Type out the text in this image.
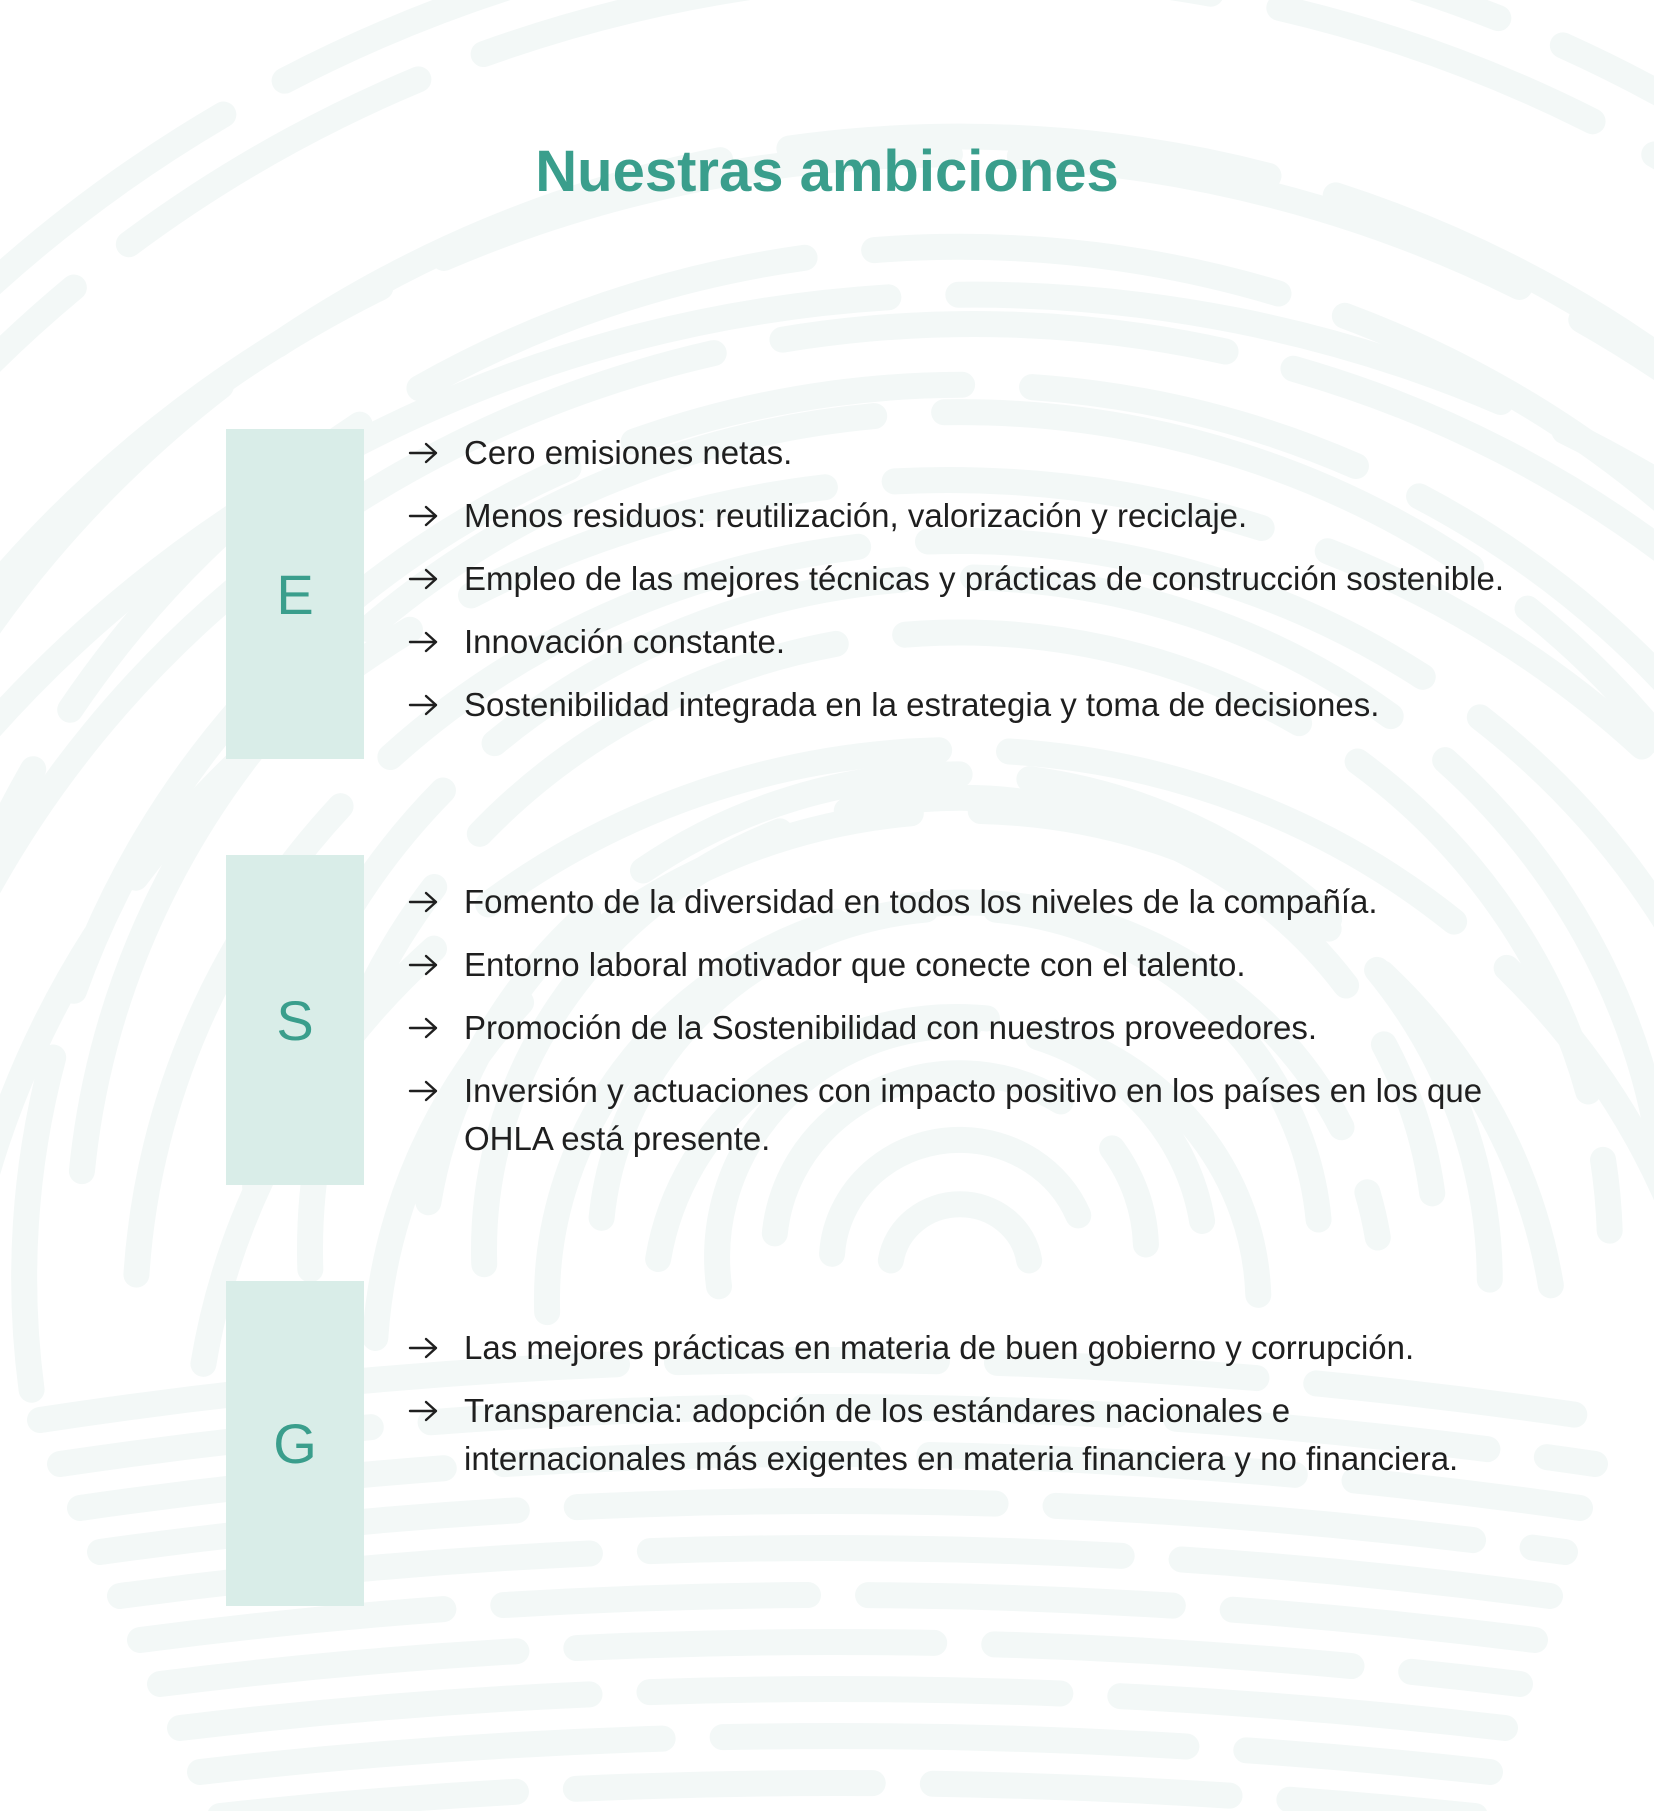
Nuestras ambiciones
E
Cero emisiones netas.
Menos residuos: reutilización, valorización y reciclaje.
Empleo de las mejores técnicas y prácticas de construcción sostenible.
Innovación constante.
Sostenibilidad integrada en la estrategia y toma de decisiones.
S
Fomento de la diversidad en todos los niveles de la compañía.
Entorno laboral motivador que conecte con el talento.
Promoción de la Sostenibilidad con nuestros proveedores.
Inversión y actuaciones con impacto positivo en los países en los que OHLA está presente.
G
Las mejores prácticas en materia de buen gobierno y corrupción.
Transparencia: adopción de los estándares nacionales e internacionales más exigentes en materia financiera y no financiera.
